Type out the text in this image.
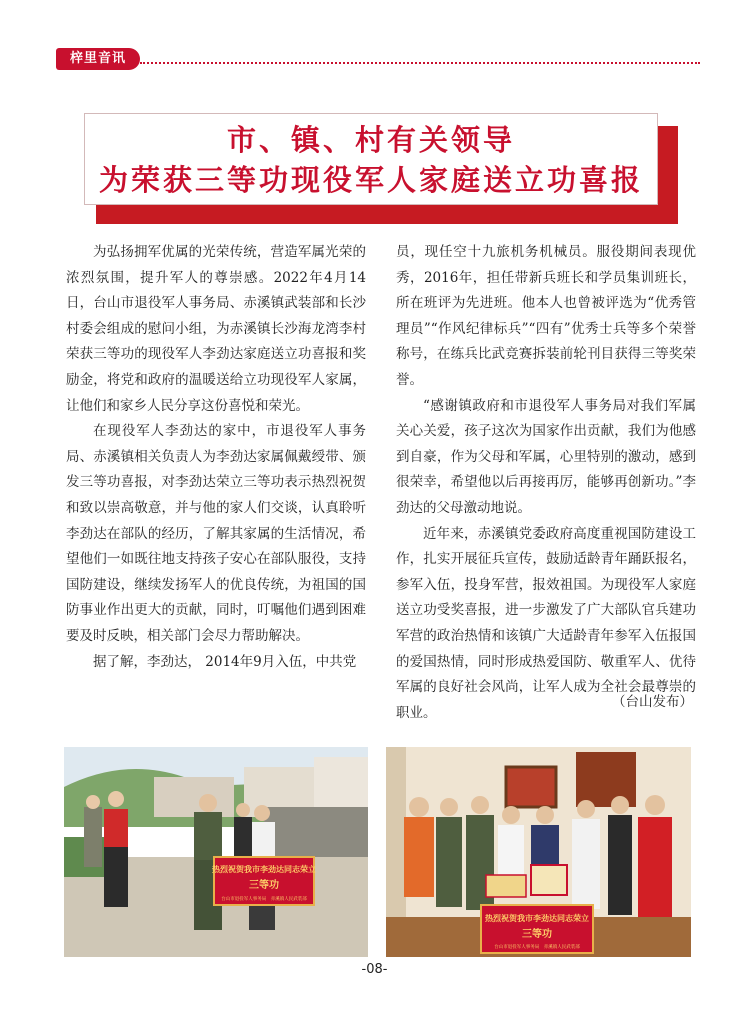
梓里音讯
市、镇、村有关领导
为荣获三等功现役军人家庭送立功喜报

为弘扬拥军优属的光荣传统，营造军属光荣的浓烈氛围，提升军人的尊崇感。2022年4月14日，台山市退役军人事务局、赤溪镇武装部和长沙村委会组成的慰问小组，为赤溪镇长沙海龙湾李村荣获三等功的现役军人李劲达家庭送立功喜报和奖励金，将党和政府的温暖送给立功现役军人家属，让他们和家乡人民分享这份喜悦和荣光。

在现役军人李劲达的家中，市退役军人事务局、赤溪镇相关负责人为李劲达家属佩戴绶带、颁发三等功喜报，对李劲达荣立三等功表示热烈祝贺和致以崇高敬意，并与他的家人们交谈，认真聆听李劲达在部队的经历，了解其家属的生活情况，希望他们一如既往地支持孩子安心在部队服役，支持国防建设，继续发扬军人的优良传统，为祖国的国防事业作出更大的贡献，同时，叮嘱他们遇到困难要及时反映，相关部门会尽力帮助解决。

据了解，李劲达， 2014年9月入伍，中共党

员，现任空十九旅机务机械员。服役期间表现优秀，2016年，担任带新兵班长和学员集训班长，所在班评为先进班。他本人也曾被评选为“优秀管理员”“作风纪律标兵”“四有”优秀士兵等多个荣誉称号，在练兵比武竞赛拆装前轮刊目获得三等奖荣誉。

“感谢镇政府和市退役军人事务局对我们军属关心关爱，孩子这次为国家作出贡献，我们为他感到自豪，作为父母和军属，心里特别的激动，感到很荣幸，希望他以后再接再厉，能够再创新功。”李劲达的父母激动地说。

近年来，赤溪镇党委政府高度重视国防建设工作，扎实开展征兵宣传，鼓励适龄青年踊跃报名，参军入伍，投身军营，报效祖国。为现役军人家庭送立功受奖喜报，进一步激发了广大部队官兵建功军营的政治热情和该镇广大适龄青年参军入伍报国的爱国热情，同时形成热爱国防、敬重军人、优待军属的良好社会风尚，让军人成为全社会最尊崇的职业。

（台山发布）
热烈祝贺我市李劲达同志荣立
三等功
台山市退役军人事务局　赤溪镇人民武装部
热烈祝贺我市李劲达同志荣立
三等功
台山市退役军人事务局　赤溪镇人民武装部
-08-
